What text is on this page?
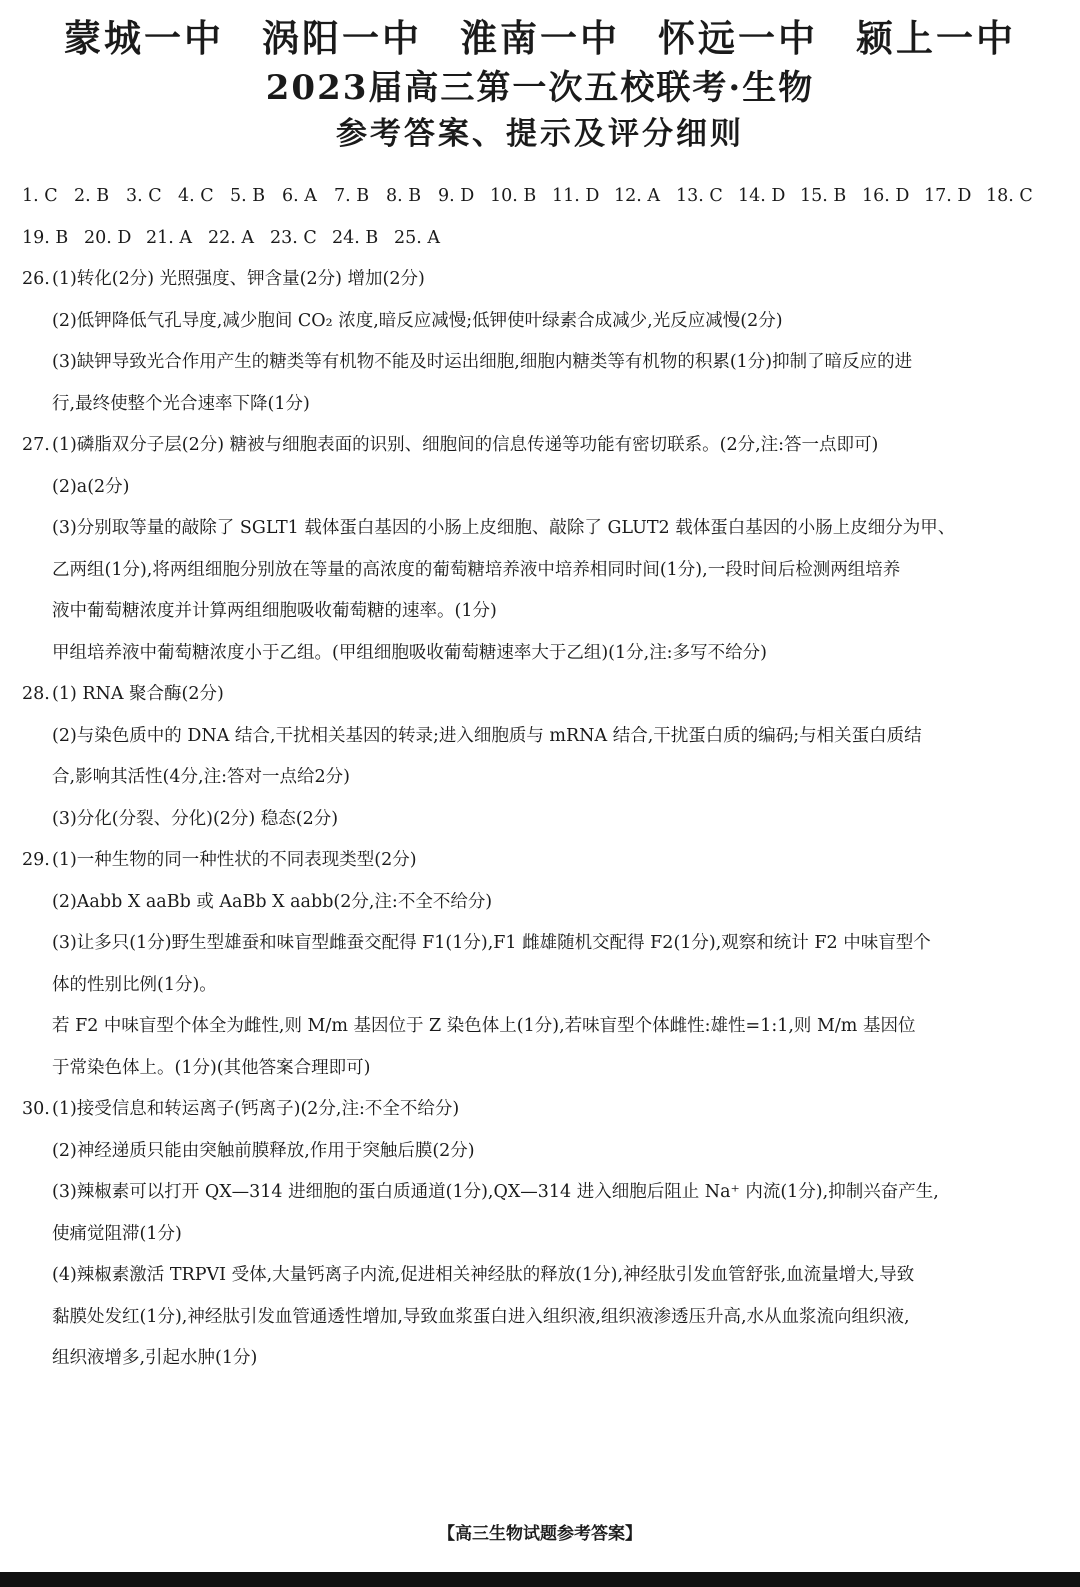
蒙城一中 涡阳一中 淮南一中 怀远一中 颍上一中
2023届高三第一次五校联考·生物
参考答案、提示及评分细则
1. C 2. B 3. C 4. C 5. B 6. A 7. B 8. B 9. D 10. B 11. D 12. A 13. C 14. D 15. B 16. D 17. D 18. C
19. B 20. D 21. A 22. A 23. C 24. B 25. A
26. (1)转化(2分) 光照强度、钾含量(2分) 增加(2分)
(2)低钾降低气孔导度,减少胞间 CO₂ 浓度,暗反应减慢;低钾使叶绿素合成减少,光反应减慢(2分)
(3)缺钾导致光合作用产生的糖类等有机物不能及时运出细胞,细胞内糖类等有机物的积累(1分)抑制了暗反应的进
行,最终使整个光合速率下降(1分)
27. (1)磷脂双分子层(2分) 糖被与细胞表面的识别、细胞间的信息传递等功能有密切联系。(2分,注:答一点即可)
(2)a(2分)
(3)分别取等量的敲除了 SGLT1 载体蛋白基因的小肠上皮细胞、敲除了 GLUT2 载体蛋白基因的小肠上皮细分为甲、
乙两组(1分),将两组细胞分别放在等量的高浓度的葡萄糖培养液中培养相同时间(1分),一段时间后检测两组培养
液中葡萄糖浓度并计算两组细胞吸收葡萄糖的速率。(1分)
甲组培养液中葡萄糖浓度小于乙组。(甲组细胞吸收葡萄糖速率大于乙组)(1分,注:多写不给分)
28. (1) RNA 聚合酶(2分)
(2)与染色质中的 DNA 结合,干扰相关基因的转录;进入细胞质与 mRNA 结合,干扰蛋白质的编码;与相关蛋白质结
合,影响其活性(4分,注:答对一点给2分)
(3)分化(分裂、分化)(2分) 稳态(2分)
29. (1)一种生物的同一种性状的不同表现类型(2分)
(2)Aabb X aaBb 或 AaBb X aabb(2分,注:不全不给分)
(3)让多只(1分)野生型雄蚕和味盲型雌蚕交配得 F1(1分),F1 雌雄随机交配得 F2(1分),观察和统计 F2 中味盲型个
体的性别比例(1分)。
若 F2 中味盲型个体全为雌性,则 M/m 基因位于 Z 染色体上(1分),若味盲型个体雌性:雄性=1:1,则 M/m 基因位
于常染色体上。(1分)(其他答案合理即可)
30. (1)接受信息和转运离子(钙离子)(2分,注:不全不给分)
(2)神经递质只能由突触前膜释放,作用于突触后膜(2分)
(3)辣椒素可以打开 QX—314 进细胞的蛋白质通道(1分),QX—314 进入细胞后阻止 Na⁺ 内流(1分),抑制兴奋产生,
使痛觉阻滞(1分)
(4)辣椒素激活 TRPVI 受体,大量钙离子内流,促进相关神经肽的释放(1分),神经肽引发血管舒张,血流量增大,导致
黏膜处发红(1分),神经肽引发血管通透性增加,导致血浆蛋白进入组织液,组织液渗透压升高,水从血浆流向组织液,
组织液增多,引起水肿(1分)
【高三生物试题参考答案】
